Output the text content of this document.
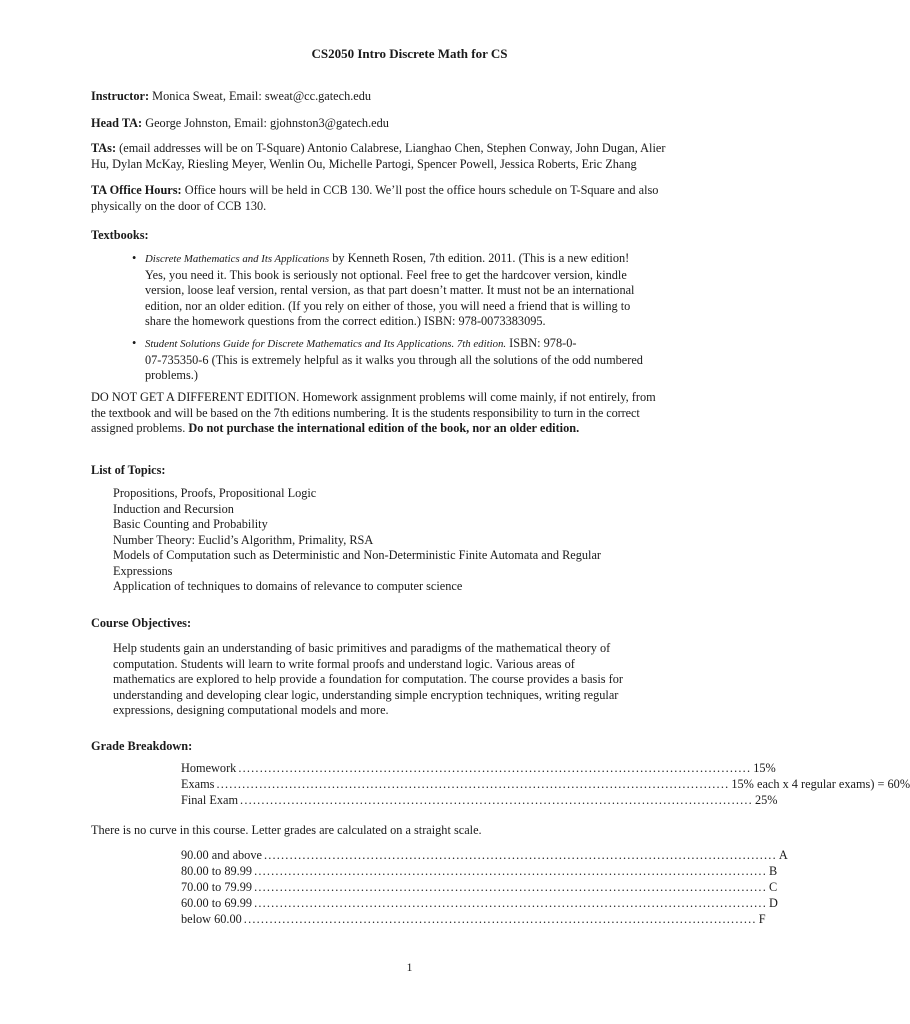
CS2050 Intro Discrete Math for CS
Instructor: Monica Sweat, Email: sweat@cc.gatech.edu
Head TA: George Johnston, Email: gjohnston3@gatech.edu
TAs: (email addresses will be on T-Square) Antonio Calabrese, Lianghao Chen, Stephen Conway, John Dugan, Alier
Hu, Dylan McKay, Riesling Meyer, Wenlin Ou, Michelle Partogi, Spencer Powell, Jessica Roberts, Eric Zhang
TA Office Hours: Office hours will be held in CCB 130. We’ll post the office hours schedule on T-Square and also
physically on the door of CCB 130.
Textbooks:
• Discrete Mathematics and Its Applications by Kenneth Rosen, 7th edition. 2011. (This is a new edition!
Yes, you need it. This book is seriously not optional. Feel free to get the hardcover version, kindle
version, loose leaf version, rental version, as that part doesn’t matter. It must not be an international
edition, nor an older edition. (If you rely on either of those, you will need a friend that is willing to
share the homework questions from the correct edition.) ISBN: 978-0073383095.
• Student Solutions Guide for Discrete Mathematics and Its Applications. 7th edition. ISBN: 978-0-
07-735350-6 (This is extremely helpful as it walks you through all the solutions of the odd numbered
problems.)
DO NOT GET A DIFFERENT EDITION. Homework assignment problems will come mainly, if not entirely, from
the textbook and will be based on the 7th editions numbering. It is the students responsibility to turn in the correct
assigned problems. Do not purchase the international edition of the book, nor an older edition.
List of Topics:
Propositions, Proofs, Propositional Logic
Induction and Recursion
Basic Counting and Probability
Number Theory: Euclid’s Algorithm, Primality, RSA
Models of Computation such as Deterministic and Non-Deterministic Finite Automata and Regular
Expressions
Application of techniques to domains of relevance to computer science
Course Objectives:
Help students gain an understanding of basic primitives and paradigms of the mathematical theory of
computation. Students will learn to write formal proofs and understand logic. Various areas of
mathematics are explored to help provide a foundation for computation. The course provides a basis for
understanding and developing clear logic, understanding simple encryption techniques, writing regular
expressions, designing computational models and more.
Grade Breakdown:
Homework ........................................................................................................................ 15%
Exams ........................................................................................................................ 15% each x 4 regular exams) = 60%
Final Exam ........................................................................................................................ 25%
There is no curve in this course. Letter grades are calculated on a straight scale.
90.00 and above ........................................................................................................................ A
80.00 to 89.99 ........................................................................................................................ B
70.00 to 79.99 ........................................................................................................................ C
60.00 to 69.99 ........................................................................................................................ D
below 60.00 ........................................................................................................................ F
1
